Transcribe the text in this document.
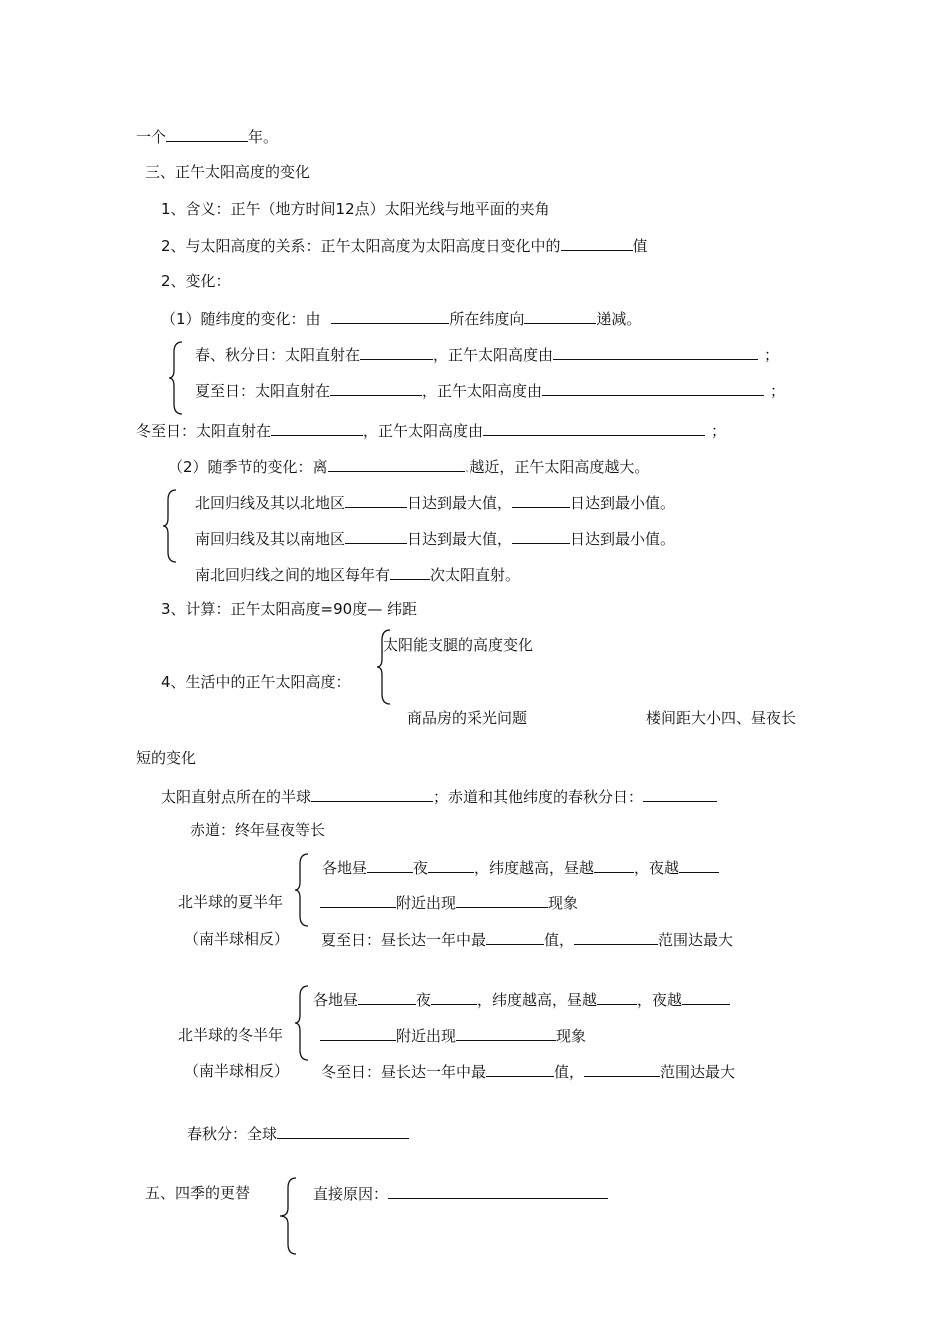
一个	年。
三、正午太阳高度的变化
1、含义：正午（地方时间12点）太阳光线与地平面的夹角
2、与太阳高度的关系：正午太阳高度为太阳高度日变化中的	值
2、变化：
（1）随纬度的变化：由	所在纬度向	递减。
春、秋分日：太阳直射在	，正午太阳高度由	；
夏至日：太阳直射在	，正午太阳高度由	；
冬至日：太阳直射在	，正午太阳高度由	；
（2）随季节的变化：离	.越近，正午太阳高度越大。
北回归线及其以北地区	日达到最大值，	日达到最小值。
南回归线及其以南地区	日达到最大值，	日达到最小值。
南北回归线之间的地区每年有	次太阳直射。
3、计算：正午太阳高度=90度— 纬距
太阳能支腿的高度变化
4、生活中的正午太阳高度：
商品房的采光问题	楼间距大小四、昼夜长
短的变化
太阳直射点所在的半球	；赤道和其他纬度的春秋分日：
赤道：终年昼夜等长
各地昼	夜	，纬度越高，昼越	，夜越
北半球的夏半年	附近出现	现象
（南半球相反） 夏至日：昼长达一年中最	值，	范围达最大
各地昼	夜	，纬度越高，昼越	，夜越
北半球的冬半年	附近出现	现象
（南半球相反） 冬至日：昼长达一年中最	值，	范围达最大
春秋分：全球
五、四季的更替	直接原因：
